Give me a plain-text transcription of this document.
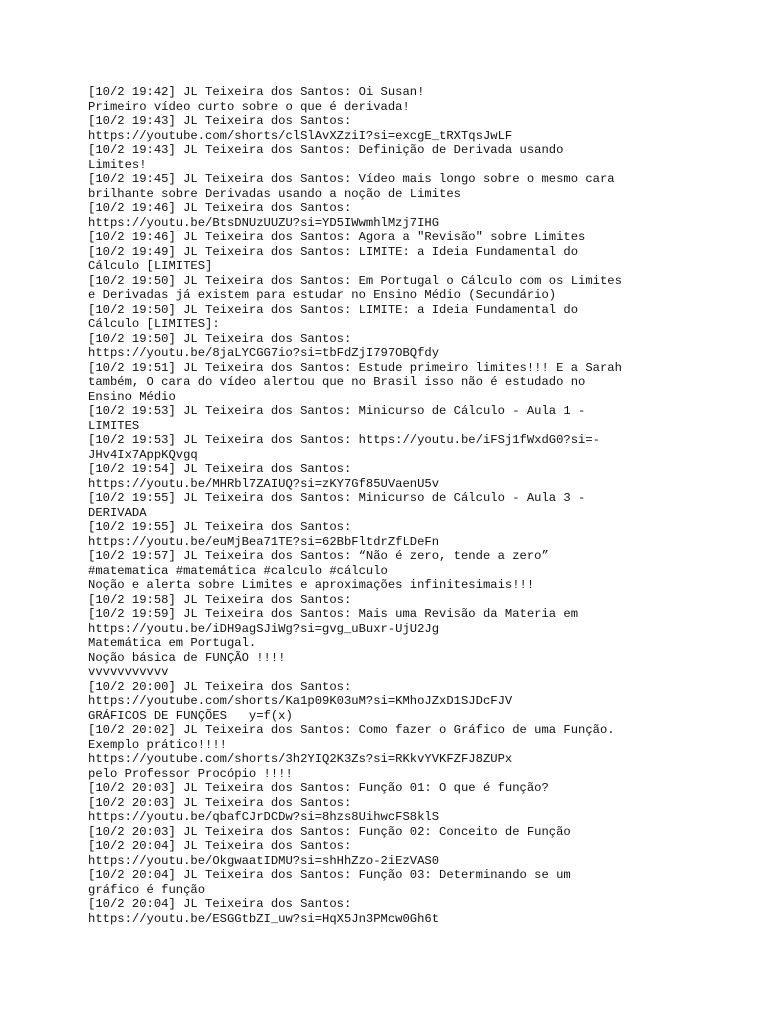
[10/2 19:42] JL Teixeira dos Santos: Oi Susan!
Primeiro vídeo curto sobre o que é derivada!
[10/2 19:43] JL Teixeira dos Santos:
https://youtube.com/shorts/clSlAvXZziI?si=excgE_tRXTqsJwLF
[10/2 19:43] JL Teixeira dos Santos: Definição de Derivada usando
Limites!
[10/2 19:45] JL Teixeira dos Santos: Vídeo mais longo sobre o mesmo cara
brilhante sobre Derivadas usando a noção de Limites
[10/2 19:46] JL Teixeira dos Santos:
https://youtu.be/BtsDNUzUUZU?si=YD5IWwmhlMzj7IHG
[10/2 19:46] JL Teixeira dos Santos: Agora a "Revisão" sobre Limites
[10/2 19:49] JL Teixeira dos Santos: LIMITE: a Ideia Fundamental do
Cálculo [LIMITES]
[10/2 19:50] JL Teixeira dos Santos: Em Portugal o Cálculo com os Limites
e Derivadas já existem para estudar no Ensino Médio (Secundário)
[10/2 19:50] JL Teixeira dos Santos: LIMITE: a Ideia Fundamental do
Cálculo [LIMITES]:
[10/2 19:50] JL Teixeira dos Santos:
https://youtu.be/8jaLYCGG7io?si=tbFdZjI797OBQfdy
[10/2 19:51] JL Teixeira dos Santos: Estude primeiro limites!!! E a Sarah
também, O cara do vídeo alertou que no Brasil isso não é estudado no
Ensino Médio
[10/2 19:53] JL Teixeira dos Santos: Minicurso de Cálculo - Aula 1 -
LIMITES
[10/2 19:53] JL Teixeira dos Santos: https://youtu.be/iFSj1fWxdG0?si=-
JHv4Ix7AppKQvgq
[10/2 19:54] JL Teixeira dos Santos:
https://youtu.be/MHRbl7ZAIUQ?si=zKY7Gf85UVaenU5v
[10/2 19:55] JL Teixeira dos Santos: Minicurso de Cálculo - Aula 3 -
DERIVADA
[10/2 19:55] JL Teixeira dos Santos:
https://youtu.be/euMjBea71TE?si=62BbFltdrZfLDeFn
[10/2 19:57] JL Teixeira dos Santos: “Não é zero, tende a zero”
#matematica #matemática #calculo #cálculo
Noção e alerta sobre Limites e aproximações infinitesimais!!!
[10/2 19:58] JL Teixeira dos Santos:
[10/2 19:59] JL Teixeira dos Santos: Mais uma Revisão da Materia em
https://youtu.be/iDH9agSJiWg?si=gvg_uBuxr-UjU2Jg
Matemática em Portugal.
Noção básica de FUNÇÃO !!!!
vvvvvvvvvvv
[10/2 20:00] JL Teixeira dos Santos:
https://youtube.com/shorts/Ka1p09K03uM?si=KMhoJZxD1SJDcFJV
GRÁFICOS DE FUNÇÕES   y=f(x)
[10/2 20:02] JL Teixeira dos Santos: Como fazer o Gráfico de uma Função.
Exemplo prático!!!!
https://youtube.com/shorts/3h2YIQ2K3Zs?si=RKkvYVKFZFJ8ZUPx
pelo Professor Procópio !!!!
[10/2 20:03] JL Teixeira dos Santos: Função 01: O que é função?
[10/2 20:03] JL Teixeira dos Santos:
https://youtu.be/qbafCJrDCDw?si=8hzs8UihwcFS8klS
[10/2 20:03] JL Teixeira dos Santos: Função 02: Conceito de Função
[10/2 20:04] JL Teixeira dos Santos:
https://youtu.be/OkgwaatIDMU?si=shHhZzo-2iEzVAS0
[10/2 20:04] JL Teixeira dos Santos: Função 03: Determinando se um
gráfico é função
[10/2 20:04] JL Teixeira dos Santos:
https://youtu.be/ESGGtbZI_uw?si=HqX5Jn3PMcw0Gh6t
